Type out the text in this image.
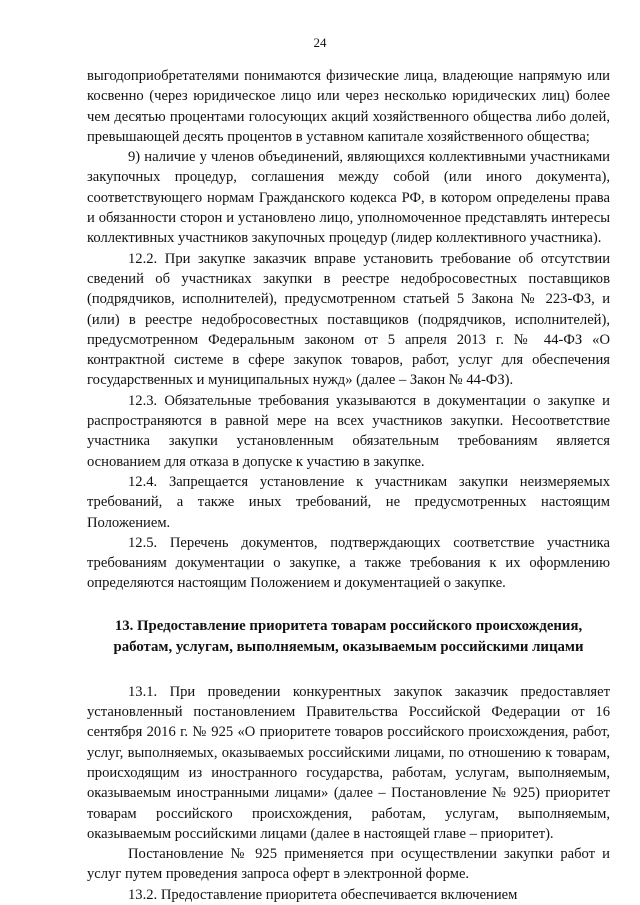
24

выгодоприобретателями понимаются физические лица, владеющие напрямую или косвенно (через юридическое лицо или через несколько юридических лиц) более чем десятью процентами голосующих акций хозяйственного общества либо долей, превышающей десять процентов в уставном капитале хозяйственного общества;

9) наличие у членов объединений, являющихся коллективными участниками закупочных процедур, соглашения между собой (или иного документа), соответствующего нормам Гражданского кодекса РФ, в котором определены права и обязанности сторон и установлено лицо, уполномоченное представлять интересы коллективных участников закупочных процедур (лидер коллективного участника).

12.2. При закупке заказчик вправе установить требование об отсутствии сведений об участниках закупки в реестре недобросовестных поставщиков (подрядчиков, исполнителей), предусмотренном статьей 5 Закона № 223-ФЗ, и (или) в реестре недобросовестных поставщиков (подрядчиков, исполнителей), предусмотренном Федеральным законом от 5 апреля 2013 г. № 44-ФЗ «О контрактной системе в сфере закупок товаров, работ, услуг для обеспечения государственных и муниципальных нужд» (далее – Закон № 44-ФЗ).

12.3. Обязательные требования указываются в документации о закупке и распространяются в равной мере на всех участников закупки. Несоответствие участника закупки установленным обязательным требованиям является основанием для отказа в допуске к участию в закупке.

12.4. Запрещается установление к участникам закупки неизмеряемых требований, а также иных требований, не предусмотренных настоящим Положением.

12.5. Перечень документов, подтверждающих соответствие участника требованиям документации о закупке, а также требования к их оформлению определяются настоящим Положением и документацией о закупке.

13. Предоставление приоритета товарам российского происхождения,
работам, услугам, выполняемым, оказываемым российскими лицами

13.1. При проведении конкурентных закупок заказчик предоставляет установленный постановлением Правительства Российской Федерации от 16 сентября 2016 г. № 925 «О приоритете товаров российского происхождения, работ, услуг, выполняемых, оказываемых российскими лицами, по отношению к товарам, происходящим из иностранного государства, работам, услугам, выполняемым, оказываемым иностранными лицами» (далее – Постановление № 925) приоритет товарам российского происхождения, работам, услугам, выполняемым, оказываемым российскими лицами (далее в настоящей главе – приоритет).

Постановление № 925 применяется при осуществлении закупки работ и услуг путем проведения запроса оферт в электронной форме.

13.2. Предоставление приоритета обеспечивается включением
